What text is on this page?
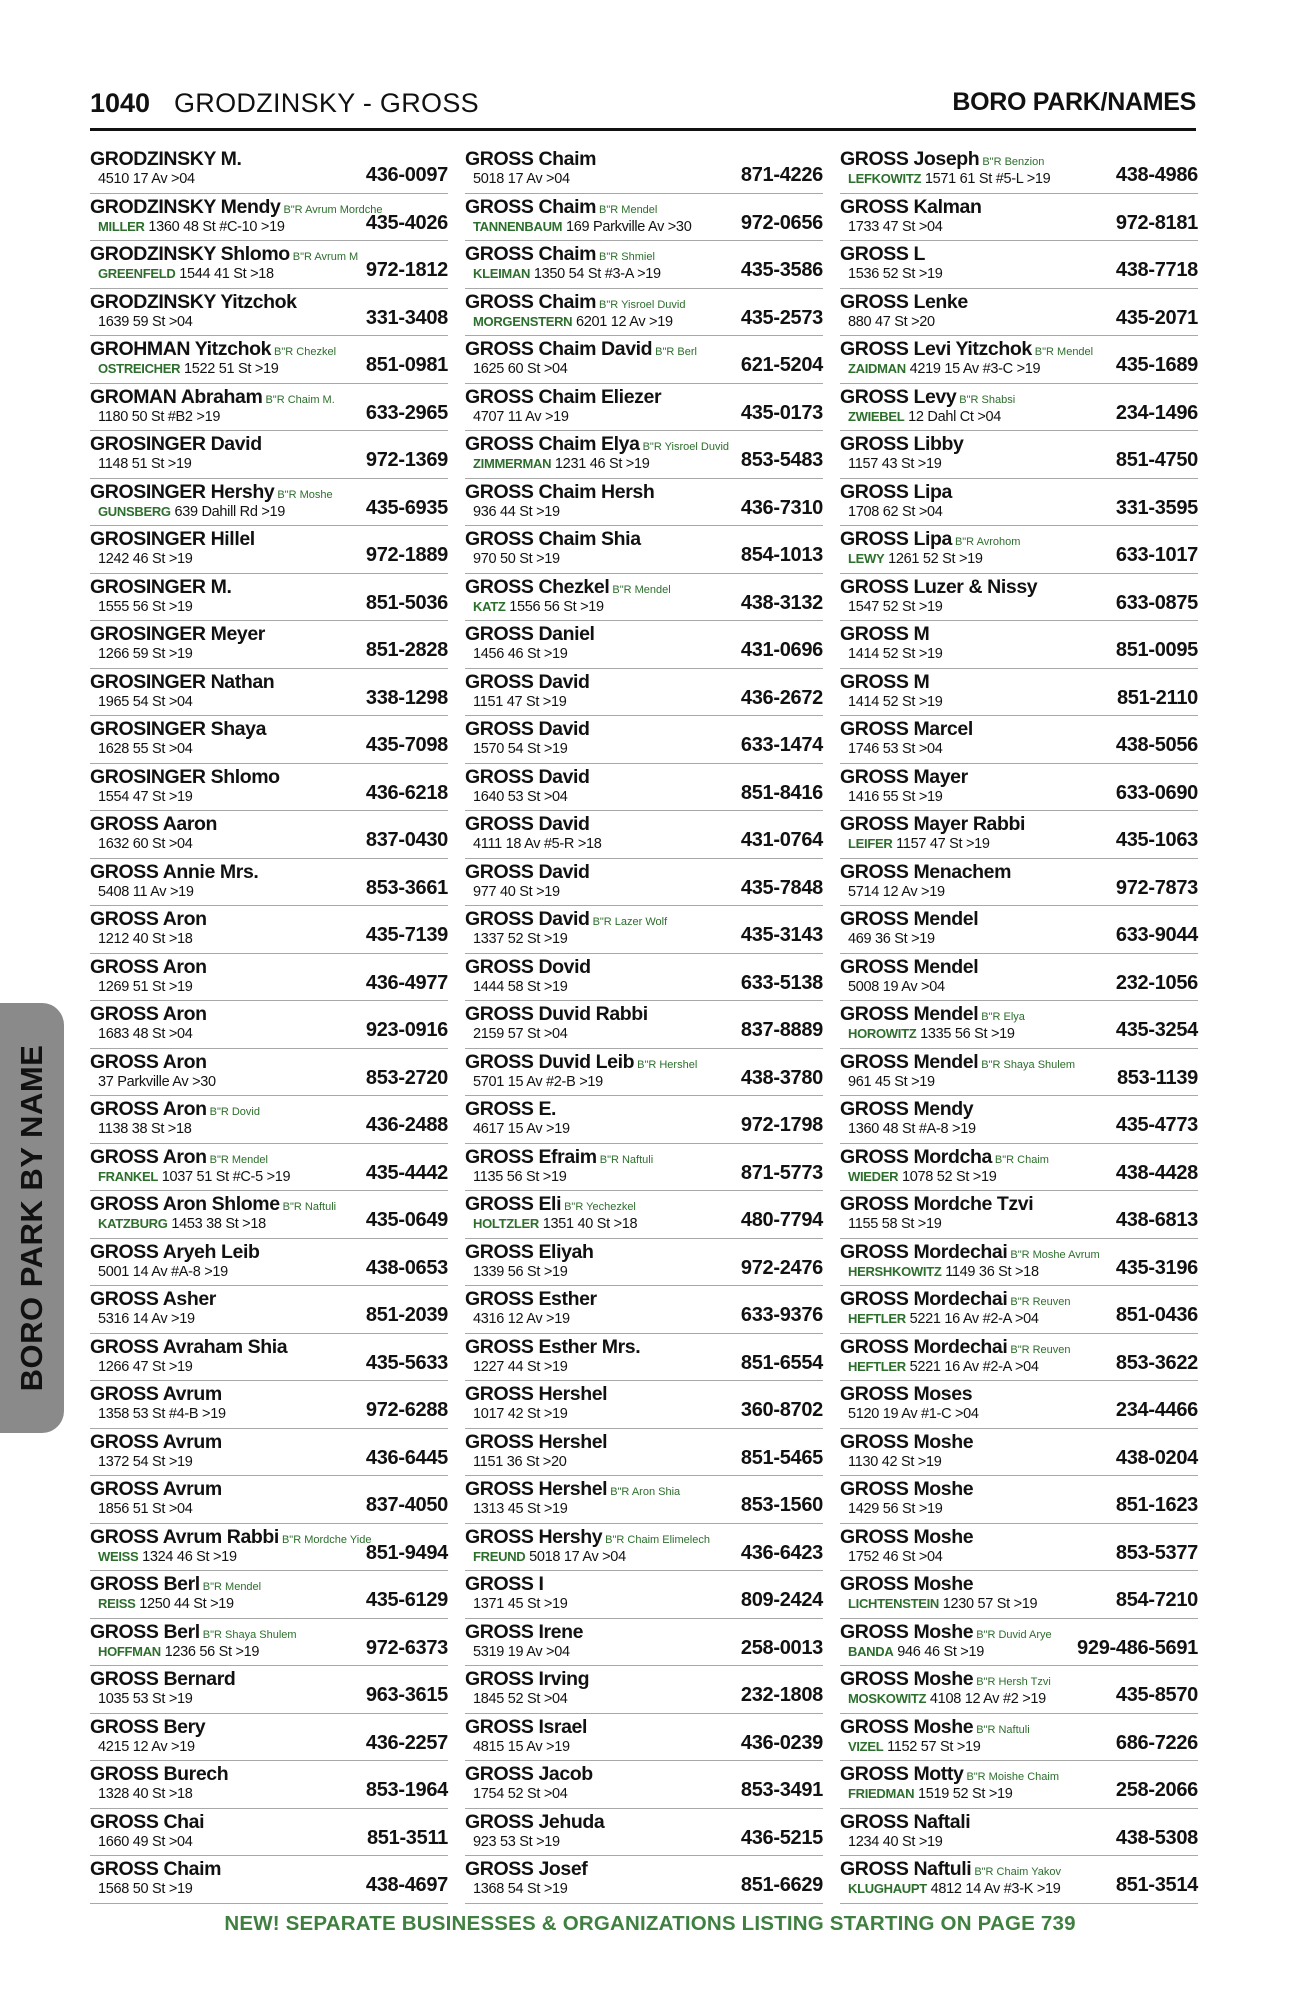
1040 GRODZINSKY - GROSS	BORO PARK/NAMES
BORO PARK BY NAME
GRODZINSKY M.
4510 17 Av >04	436-0097
GRODZINSKY Mendy B"R Avrum Mordche
MILLER 1360 48 St #C-10 >19	435-4026
GRODZINSKY Shlomo B"R Avrum M
GREENFELD 1544 41 St >18	972-1812
GRODZINSKY Yitzchok
1639 59 St >04	331-3408
GROHMAN Yitzchok B"R Chezkel
OSTREICHER 1522 51 St >19	851-0981
GROMAN Abraham B"R Chaim M.
1180 50 St #B2 >19	633-2965
GROSINGER David
1148 51 St >19	972-1369
GROSINGER Hershy B"R Moshe
GUNSBERG 639 Dahill Rd >19	435-6935
GROSINGER Hillel
1242 46 St >19	972-1889
GROSINGER M.
1555 56 St >19	851-5036
GROSINGER Meyer
1266 59 St >19	851-2828
GROSINGER Nathan
1965 54 St >04	338-1298
GROSINGER Shaya
1628 55 St >04	435-7098
GROSINGER Shlomo
1554 47 St >19	436-6218
GROSS Aaron
1632 60 St >04	837-0430
GROSS Annie Mrs.
5408 11 Av >19	853-3661
GROSS Aron
1212 40 St >18	435-7139
GROSS Aron
1269 51 St >19	436-4977
GROSS Aron
1683 48 St >04	923-0916
GROSS Aron
37 Parkville Av >30	853-2720
GROSS Aron B"R Dovid
1138 38 St >18	436-2488
GROSS Aron B"R Mendel
FRANKEL 1037 51 St #C-5 >19	435-4442
GROSS Aron Shlome B"R Naftuli
KATZBURG 1453 38 St >18	435-0649
GROSS Aryeh Leib
5001 14 Av #A-8 >19	438-0653
GROSS Asher
5316 14 Av >19	851-2039
GROSS Avraham Shia
1266 47 St >19	435-5633
GROSS Avrum
1358 53 St #4-B >19	972-6288
GROSS Avrum
1372 54 St >19	436-6445
GROSS Avrum
1856 51 St >04	837-4050
GROSS Avrum Rabbi B"R Mordche Yide
WEISS 1324 46 St >19	851-9494
GROSS Berl B"R Mendel
REISS 1250 44 St >19	435-6129
GROSS Berl B"R Shaya Shulem
HOFFMAN 1236 56 St >19	972-6373
GROSS Bernard
1035 53 St >19	963-3615
GROSS Bery
4215 12 Av >19	436-2257
GROSS Burech
1328 40 St >18	853-1964
GROSS Chai
1660 49 St >04	851-3511
GROSS Chaim
1568 50 St >19	438-4697
GROSS Chaim
5018 17 Av >04	871-4226
GROSS Chaim B"R Mendel
TANNENBAUM 169 Parkville Av >30 972-0656
GROSS Chaim B"R Shmiel
KLEIMAN 1350 54 St #3-A >19	435-3586
GROSS Chaim B"R Yisroel Duvid
MORGENSTERN 6201 12 Av >19	435-2573
GROSS Chaim David B"R Berl
1625 60 St >04	621-5204
GROSS Chaim Eliezer
4707 11 Av >19	435-0173
GROSS Chaim Elya B"R Yisroel Duvid
ZIMMERMAN 1231 46 St >19	853-5483
GROSS Chaim Hersh
936 44 St >19	436-7310
GROSS Chaim Shia
970 50 St >19	854-1013
GROSS Chezkel B"R Mendel
KATZ 1556 56 St >19	438-3132
GROSS Daniel
1456 46 St >19	431-0696
GROSS David
1151 47 St >19	436-2672
GROSS David
1570 54 St >19	633-1474
GROSS David
1640 53 St >04	851-8416
GROSS David
4111 18 Av #5-R >18	431-0764
GROSS David
977 40 St >19	435-7848
GROSS David B"R Lazer Wolf
1337 52 St >19	435-3143
GROSS Dovid
1444 58 St >19	633-5138
GROSS Duvid Rabbi
2159 57 St >04	837-8889
GROSS Duvid Leib B"R Hershel
5701 15 Av #2-B >19	438-3780
GROSS E.
4617 15 Av >19	972-1798
GROSS Efraim B"R Naftuli
1135 56 St >19	871-5773
GROSS Eli B"R Yechezkel
HOLTZLER 1351 40 St >18	480-7794
GROSS Eliyah
1339 56 St >19	972-2476
GROSS Esther
4316 12 Av >19	633-9376
GROSS Esther Mrs.
1227 44 St >19	851-6554
GROSS Hershel
1017 42 St >19	360-8702
GROSS Hershel
1151 36 St >20	851-5465
GROSS Hershel B"R Aron Shia
1313 45 St >19	853-1560
GROSS Hershy B"R Chaim Elimelech
FREUND 5018 17 Av >04	436-6423
GROSS I
1371 45 St >19	809-2424
GROSS Irene
5319 19 Av >04	258-0013
GROSS Irving
1845 52 St >04	232-1808
GROSS Israel
4815 15 Av >19	436-0239
GROSS Jacob
1754 52 St >04	853-3491
GROSS Jehuda
923 53 St >19	436-5215
GROSS Josef
1368 54 St >19	851-6629
GROSS Joseph B"R Benzion
LEFKOWITZ 1571 61 St #5-L >19	438-4986
GROSS Kalman
1733 47 St >04	972-8181
GROSS L
1536 52 St >19	438-7718
GROSS Lenke
880 47 St >20	435-2071
GROSS Levi Yitzchok B"R Mendel
ZAIDMAN 4219 15 Av #3-C >19	435-1689
GROSS Levy B"R Shabsi
ZWIEBEL 12 Dahl Ct >04	234-1496
GROSS Libby
1157 43 St >19	851-4750
GROSS Lipa
1708 62 St >04	331-3595
GROSS Lipa B"R Avrohom
LEWY 1261 52 St >19	633-1017
GROSS Luzer & Nissy
1547 52 St >19	633-0875
GROSS M
1414 52 St >19	851-0095
GROSS M
1414 52 St >19	851-2110
GROSS Marcel
1746 53 St >04	438-5056
GROSS Mayer
1416 55 St >19	633-0690
GROSS Mayer Rabbi
LEIFER 1157 47 St >19	435-1063
GROSS Menachem
5714 12 Av >19	972-7873
GROSS Mendel
469 36 St >19	633-9044
GROSS Mendel
5008 19 Av >04	232-1056
GROSS Mendel B"R Elya
HOROWITZ 1335 56 St >19	435-3254
GROSS Mendel B"R Shaya Shulem
961 45 St >19	853-1139
GROSS Mendy
1360 48 St #A-8 >19	435-4773
GROSS Mordcha B"R Chaim
WIEDER 1078 52 St >19	438-4428
GROSS Mordche Tzvi
1155 58 St >19	438-6813
GROSS Mordechai B"R Moshe Avrum
HERSHKOWITZ 1149 36 St >18	435-3196
GROSS Mordechai B"R Reuven
HEFTLER 5221 16 Av #2-A >04	851-0436
GROSS Mordechai B"R Reuven
HEFTLER 5221 16 Av #2-A >04	853-3622
GROSS Moses
5120 19 Av #1-C >04	234-4466
GROSS Moshe
1130 42 St >19	438-0204
GROSS Moshe
1429 56 St >19	851-1623
GROSS Moshe
1752 46 St >04	853-5377
GROSS Moshe
LICHTENSTEIN 1230 57 St >19	854-7210
GROSS Moshe B"R Duvid Arye
BANDA 946 46 St >19	929-486-5691
GROSS Moshe B"R Hersh Tzvi
MOSKOWITZ 4108 12 Av #2 >19	435-8570
GROSS Moshe B"R Naftuli
VIZEL 1152 57 St >19	686-7226
GROSS Motty B"R Moishe Chaim
FRIEDMAN 1519 52 St >19	258-2066
GROSS Naftali
1234 40 St >19	438-5308
GROSS Naftuli B"R Chaim Yakov
KLUGHAUPT 4812 14 Av #3-K >19	851-3514
NEW! SEPARATE BUSINESSES & ORGANIZATIONS LISTING STARTING ON PAGE 739
